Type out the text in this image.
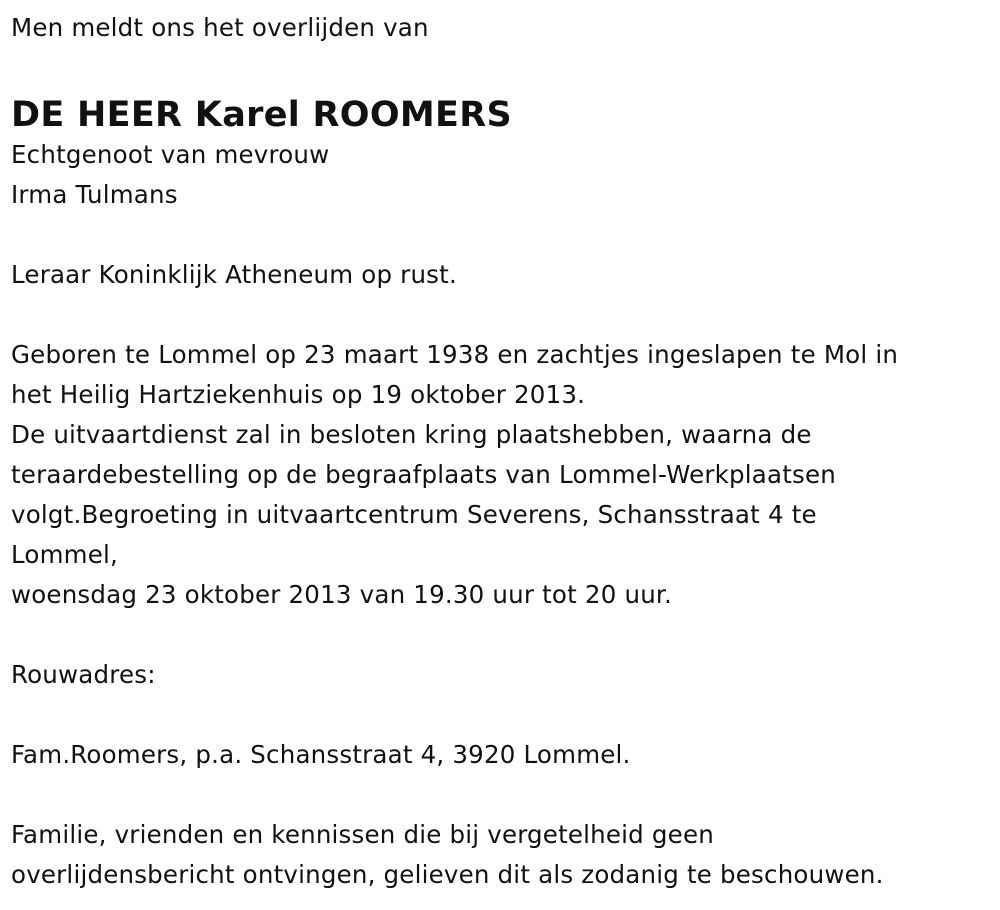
Men meldt ons het overlijden van
DE HEER Karel ROOMERS
Echtgenoot van mevrouw
Irma Tulmans
Leraar Koninklijk Atheneum op rust.
Geboren te Lommel op 23 maart 1938 en zachtjes ingeslapen te Mol in
het Heilig Hartziekenhuis op 19 oktober 2013.
De uitvaartdienst zal in besloten kring plaatshebben, waarna de
teraardebestelling op de begraafplaats van Lommel-Werkplaatsen
volgt.Begroeting in uitvaartcentrum Severens, Schansstraat 4 te
Lommel,
woensdag 23 oktober 2013 van 19.30 uur tot 20 uur.
Rouwadres:
Fam.Roomers, p.a. Schansstraat 4, 3920 Lommel.
Familie, vrienden en kennissen die bij vergetelheid geen
overlijdensbericht ontvingen, gelieven dit als zodanig te beschouwen.
